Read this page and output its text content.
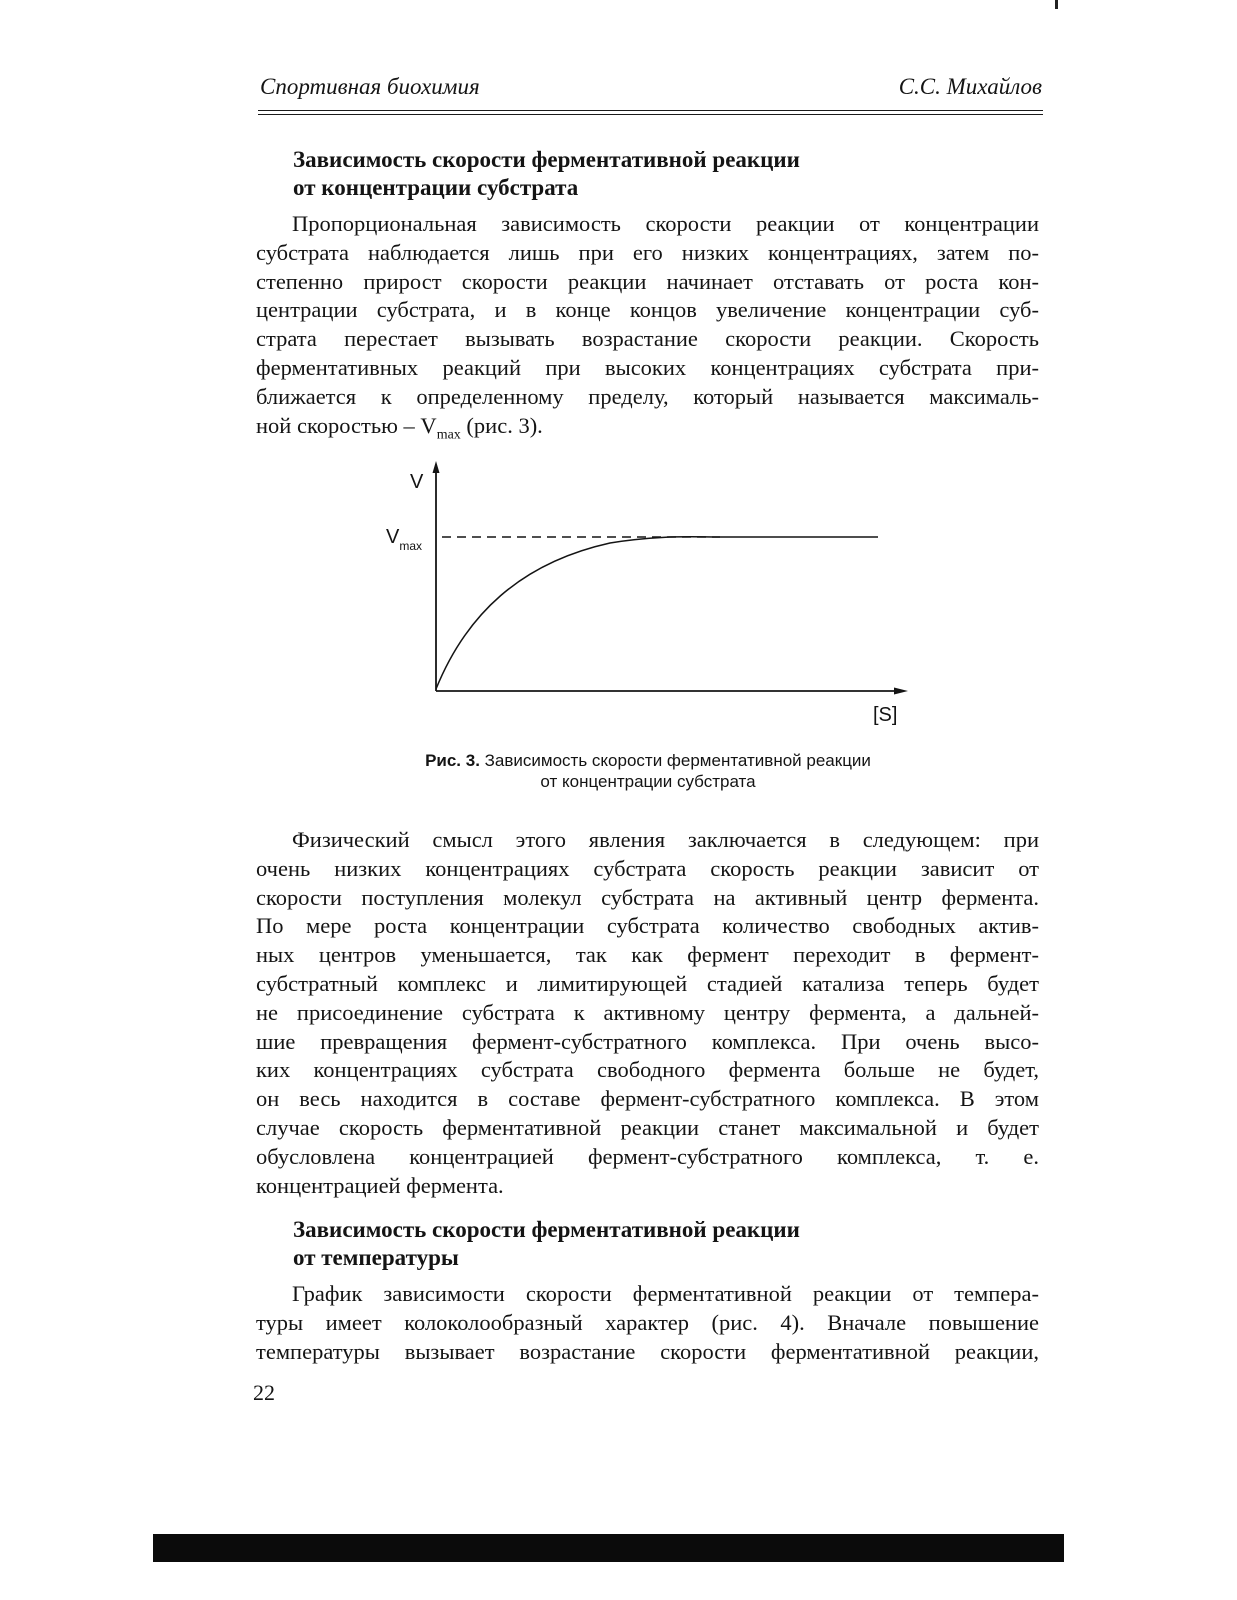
Спортивная биохимия	С.С. Михайлов
Зависимость скорости ферментативной реакции
от концентрации субстрата
Пропорциональная зависимость скорости реакции от концентрации
субстрата наблюдается лишь при его низких концентрациях, затем по-
степенно прирост скорости реакции начинает отставать от роста кон-
центрации субстрата, и в конце концов увеличение концентрации суб-
страта перестает вызывать возрастание скорости реакции. Скорость
ферментативных реакций при высоких концентрациях субстрата при-
ближается к определенному пределу, который называется максималь-
ной скоростью – $V_{max}$ (рис. 3).
V
$V_{max}$
[S]
Рис. 3. Зависимость скорости ферментативной реакции
от концентрации субстрата
Физический смысл этого явления заключается в следующем: при
очень низких концентрациях субстрата скорость реакции зависит от
скорости поступления молекул субстрата на активный центр фермента.
По мере роста концентрации субстрата количество свободных актив-
ных центров уменьшается, так как фермент переходит в фермент-
субстратный комплекс и лимитирующей стадией катализа теперь будет
не присоединение субстрата к активному центру фермента, а дальней-
шие превращения фермент-субстратного комплекса. При очень высо-
ких концентрациях субстрата свободного фермента больше не будет,
он весь находится в составе фермент-субстратного комплекса. В этом
случае скорость ферментативной реакции станет максимальной и будет
обусловлена концентрацией фермент-субстратного комплекса, т. е.
концентрацией фермента.
Зависимость скорости ферментативной реакции
от температуры
График зависимости скорости ферментативной реакции от темпера-
туры имеет колоколообразный характер (рис. 4). Вначале повышение
температуры вызывает возрастание скорости ферментативной реакции,
22
